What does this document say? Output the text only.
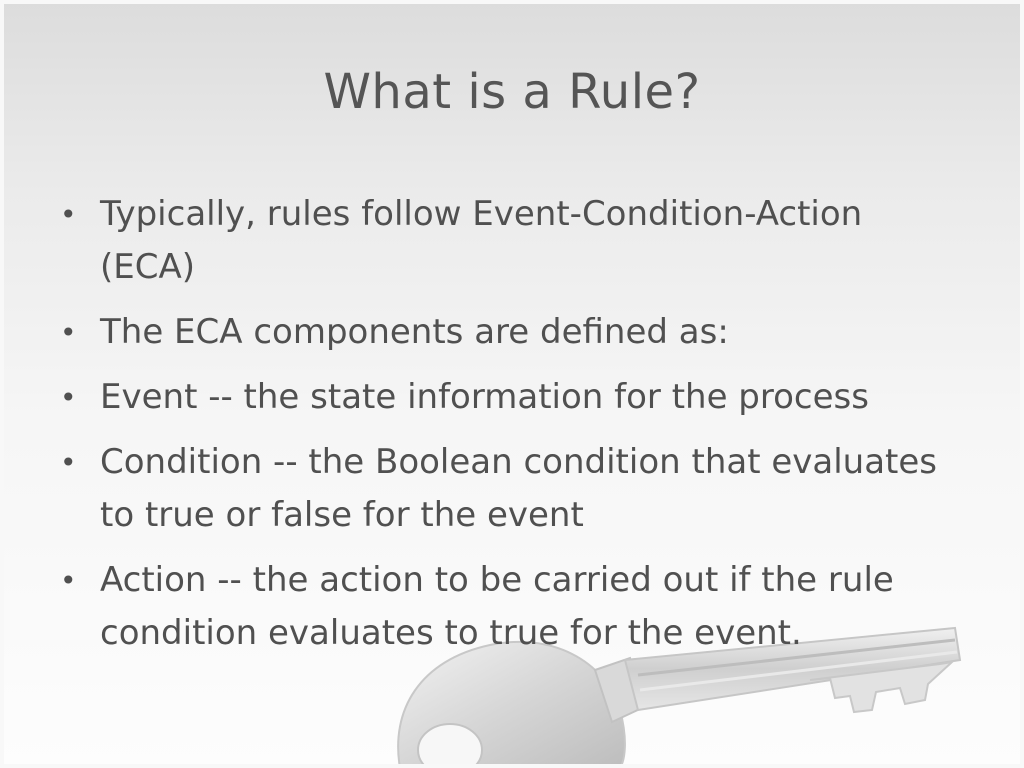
What is a Rule?
• Typically, rules follow Event-Condition-Action (ECA)
• The ECA components are defined as:
• Event -- the state information for the process
• Condition -- the Boolean condition that evaluates to true or false for the event
• Action -- the action to be carried out if the rule condition evaluates to true for the event.
